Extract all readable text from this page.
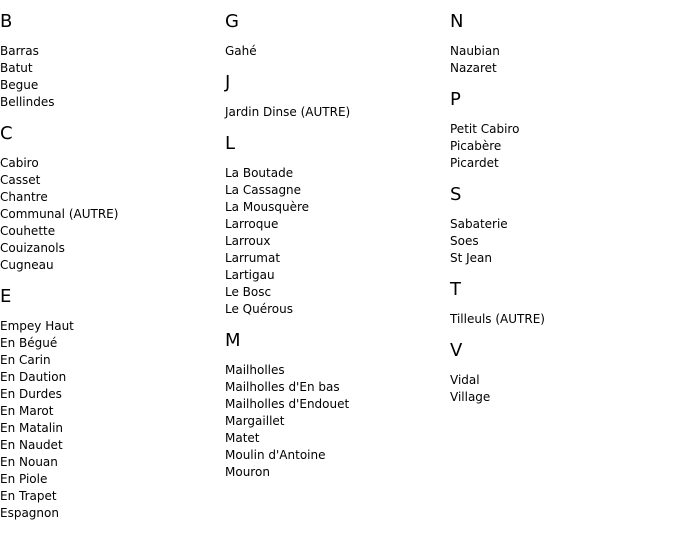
B
Barras
Batut
Begue
Bellindes
C
Cabiro
Casset
Chantre
Communal (AUTRE)
Couhette
Couizanols
Cugneau
E
Empey Haut
En Bégué
En Carin
En Daution
En Durdes
En Marot
En Matalin
En Naudet
En Nouan
En Piole
En Trapet
Espagnon
G
Gahé
J
Jardin Dinse (AUTRE)
L
La Boutade
La Cassagne
La Mousquère
Larroque
Larroux
Larrumat
Lartigau
Le Bosc
Le Quérous
M
Mailholles
Mailholles d'En bas
Mailholles d'Endouet
Margaillet
Matet
Moulin d'Antoine
Mouron
N
Naubian
Nazaret
P
Petit Cabiro
Picabère
Picardet
S
Sabaterie
Soes
St Jean
T
Tilleuls (AUTRE)
V
Vidal
Village
